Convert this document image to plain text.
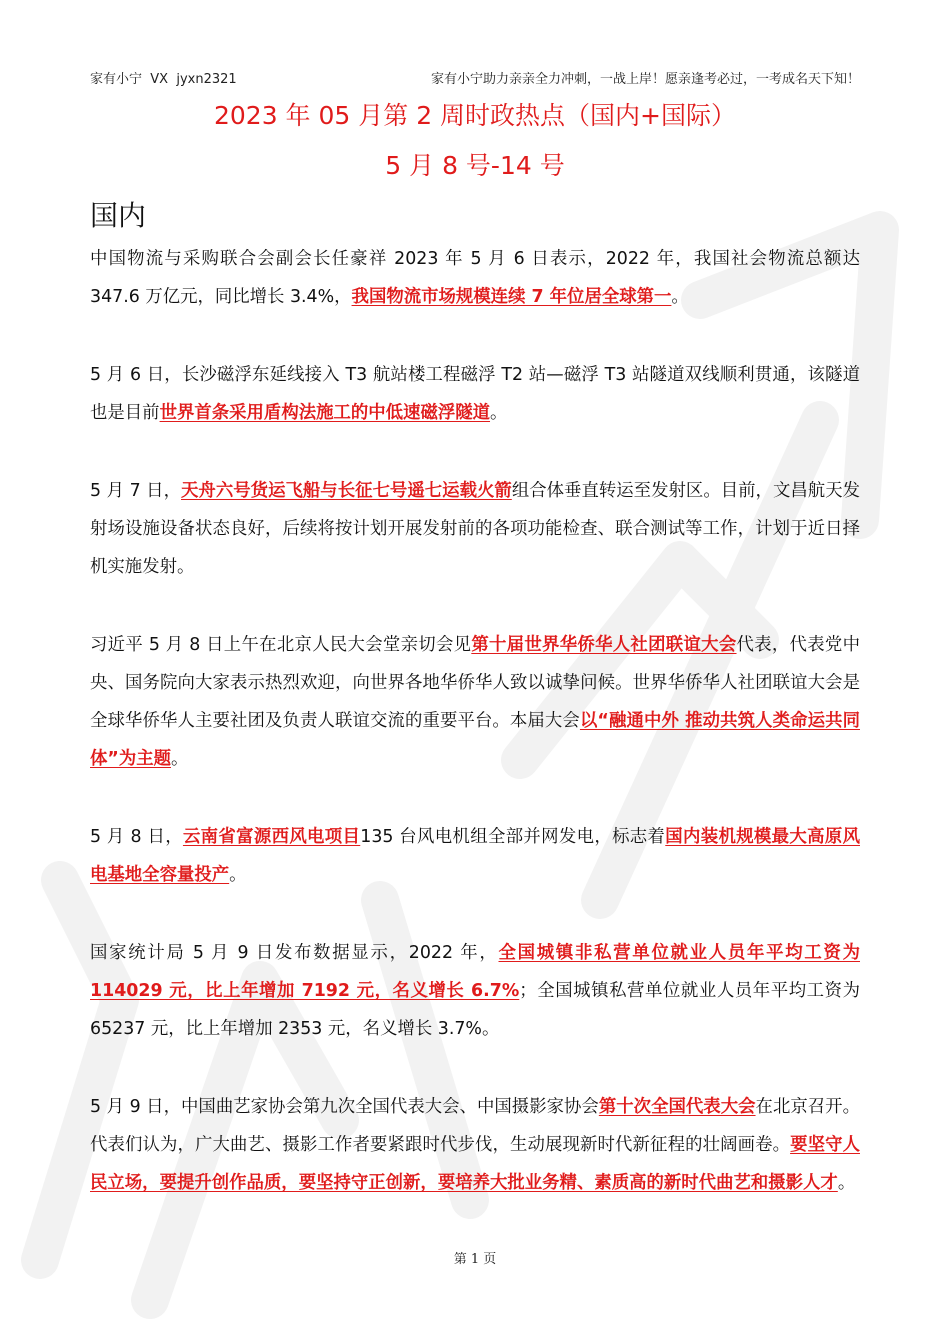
家有小宁  VX  jyxn2321	家有小宁助力亲亲全力冲刺，一战上岸！愿亲逢考必过，一考成名天下知！
2023 年 05 月第 2 周时政热点（国内+国际）
5 月 8 号-14 号
国内

中国物流与采购联合会副会长任豪祥 2023 年 5 月 6 日表示，2022 年，我国社会物流总额达 347.6 万亿元，同比增长 3.4%，我国物流市场规模连续 7 年位居全球第一。

5 月 6 日，长沙磁浮东延线接入 T3 航站楼工程磁浮 T2 站—磁浮 T3 站隧道双线顺利贯通，该隧道也是目前世界首条采用盾构法施工的中低速磁浮隧道。

5 月 7 日，天舟六号货运飞船与长征七号遥七运载火箭组合体垂直转运至发射区。目前，文昌航天发射场设施设备状态良好，后续将按计划开展发射前的各项功能检查、联合测试等工作，计划于近日择机实施发射。

习近平 5 月 8 日上午在北京人民大会堂亲切会见第十届世界华侨华人社团联谊大会代表，代表党中央、国务院向大家表示热烈欢迎，向世界各地华侨华人致以诚挚问候。世界华侨华人社团联谊大会是全球华侨华人主要社团及负责人联谊交流的重要平台。本届大会以“融通中外 推动共筑人类命运共同体”为主题。

5 月 8 日，云南省富源西风电项目135 台风电机组全部并网发电，标志着国内装机规模最大高原风电基地全容量投产。

国家统计局 5 月 9 日发布数据显示，2022 年，全国城镇非私营单位就业人员年平均工资为 114029 元，比上年增加 7192 元，名义增长 6.7%；全国城镇私营单位就业人员年平均工资为 65237 元，比上年增加 2353 元，名义增长 3.7%。

5 月 9 日，中国曲艺家协会第九次全国代表大会、中国摄影家协会第十次全国代表大会在北京召开。代表们认为，广大曲艺、摄影工作者要紧跟时代步伐，生动展现新时代新征程的壮阔画卷。要坚守人民立场，要提升创作品质，要坚持守正创新，要培养大批业务精、素质高的新时代曲艺和摄影人才。

第 1 页
